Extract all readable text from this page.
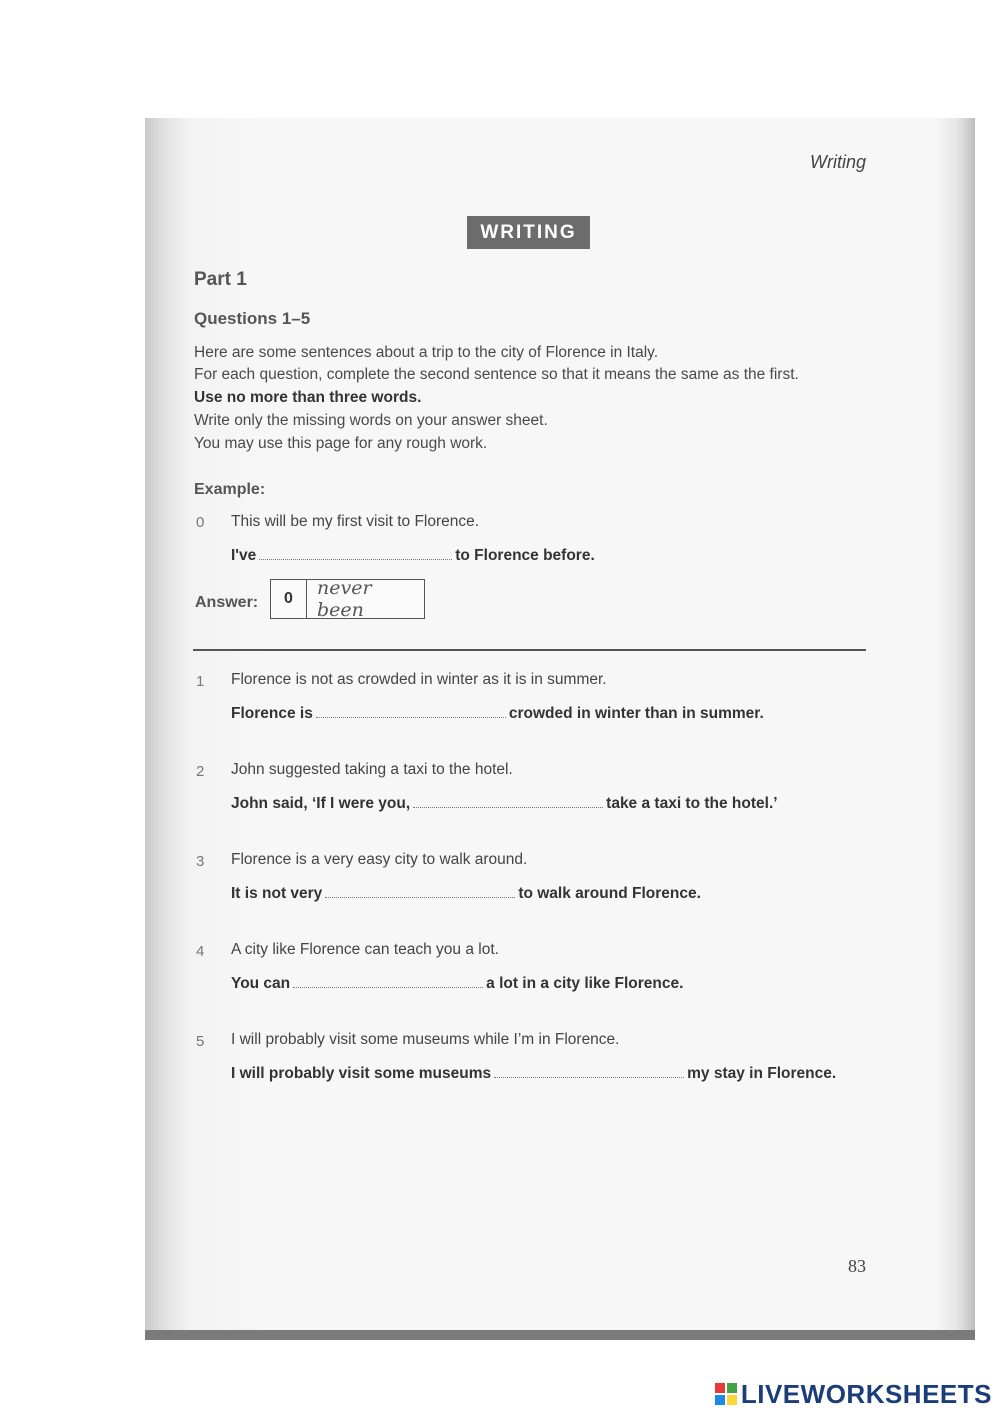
Writing
WRITING
Part 1
Questions 1–5
Here are some sentences about a trip to the city of Florence in Italy.
For each question, complete the second sentence so that it means the same as the first.
Use no more than three words.
Write only the missing words on your answer sheet.
You may use this page for any rough work.
Example:
0 This will be my first visit to Florence.
I've	to Florence before.
Answer:	0	never been
1 Florence is not as crowded in winter as it is in summer.
Florence is	crowded in winter than in summer.
2 John suggested taking a taxi to the hotel.
John said, ‘If I were you,	take a taxi to the hotel.’
3 Florence is a very easy city to walk around.
It is not very	to walk around Florence.
4 A city like Florence can teach you a lot.
You can	a lot in a city like Florence.
5 I will probably visit some museums while I’m in Florence.
I will probably visit some museums	my stay in Florence.
83
LIVEWORKSHEETS
